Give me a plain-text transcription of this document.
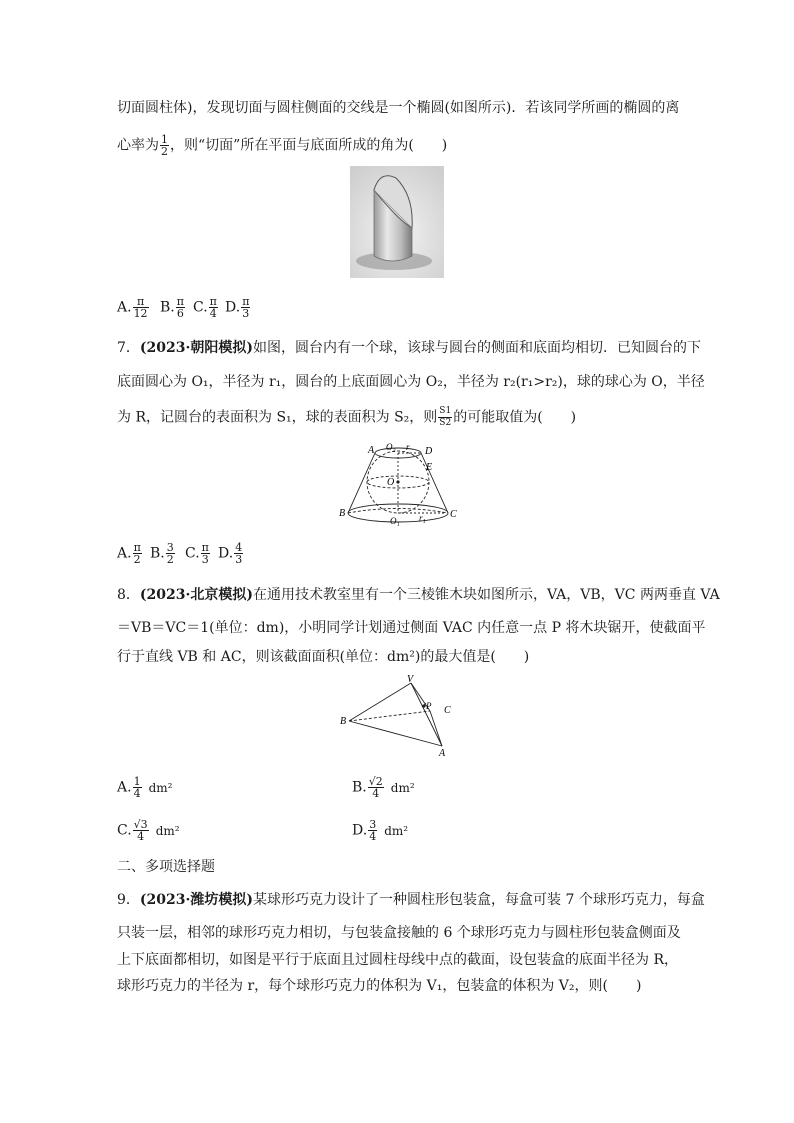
切面圆柱体)，发现切面与圆柱侧面的交线是一个椭圆(如图所示)．若该同学所画的椭圆的离
心率为 $\frac{1}{2}$ ，则“切面”所在平面与底面所成的角为(　　)
A. $\frac{\pi}{12} B$. $\frac{\pi}{6} C$. $\frac{\pi}{4} D$. $\frac{\pi}{3}$
7．(2023·朝阳模拟)如图，圆台内有一个球，该球与圆台的侧面和底面均相切．已知圆台的下
底面圆心为 O₁，半径为 r₁，圆台的上底面圆心为 O₂，半径为 r₂(r₁>r₂)，球的球心为 O，半径
为 R，记圆台的表面积为 S₁，球的表面积为 S₂，则 $\frac{S1}{S2}$ 的可能取值为(　　)
A	D
O₂ r
E
O
B
O₁ r₁ C
A. $\frac{\pi}{2} B$. $\frac{3}{2} C$. $\frac{\pi}{3} D$. $\frac{4}{3}$
8．(2023·北京模拟)在通用技术教室里有一个三棱锥木块如图所示，VA，VB，VC 两两垂直 VA
＝VB＝VC＝1(单位：dm)，小明同学计划通过侧面 VAC 内任意一点 P 将木块锯开，使截面平
行于直线 VB 和 AC，则该截面面积(单位：dm²)的最大值是(　　)
V
B
P C
A
A. $\frac{1}{4} dm^2$	B. $\frac{√2}{4} dm^2$
C. $\frac{√3}{4} dm^2$	D. $\frac{3}{4} dm^2$
二、多项选择题
9．(2023·潍坊模拟)某球形巧克力设计了一种圆柱形包装盒，每盒可装 7 个球形巧克力，每盒
只装一层，相邻的球形巧克力相切，与包装盒接触的 6 个球形巧克力与圆柱形包装盒侧面及
上下底面都相切，如图是平行于底面且过圆柱母线中点的截面，设包装盒的底面半径为 R，
球形巧克力的半径为 r，每个球形巧克力的体积为 V₁，包装盒的体积为 V₂，则(　　)
